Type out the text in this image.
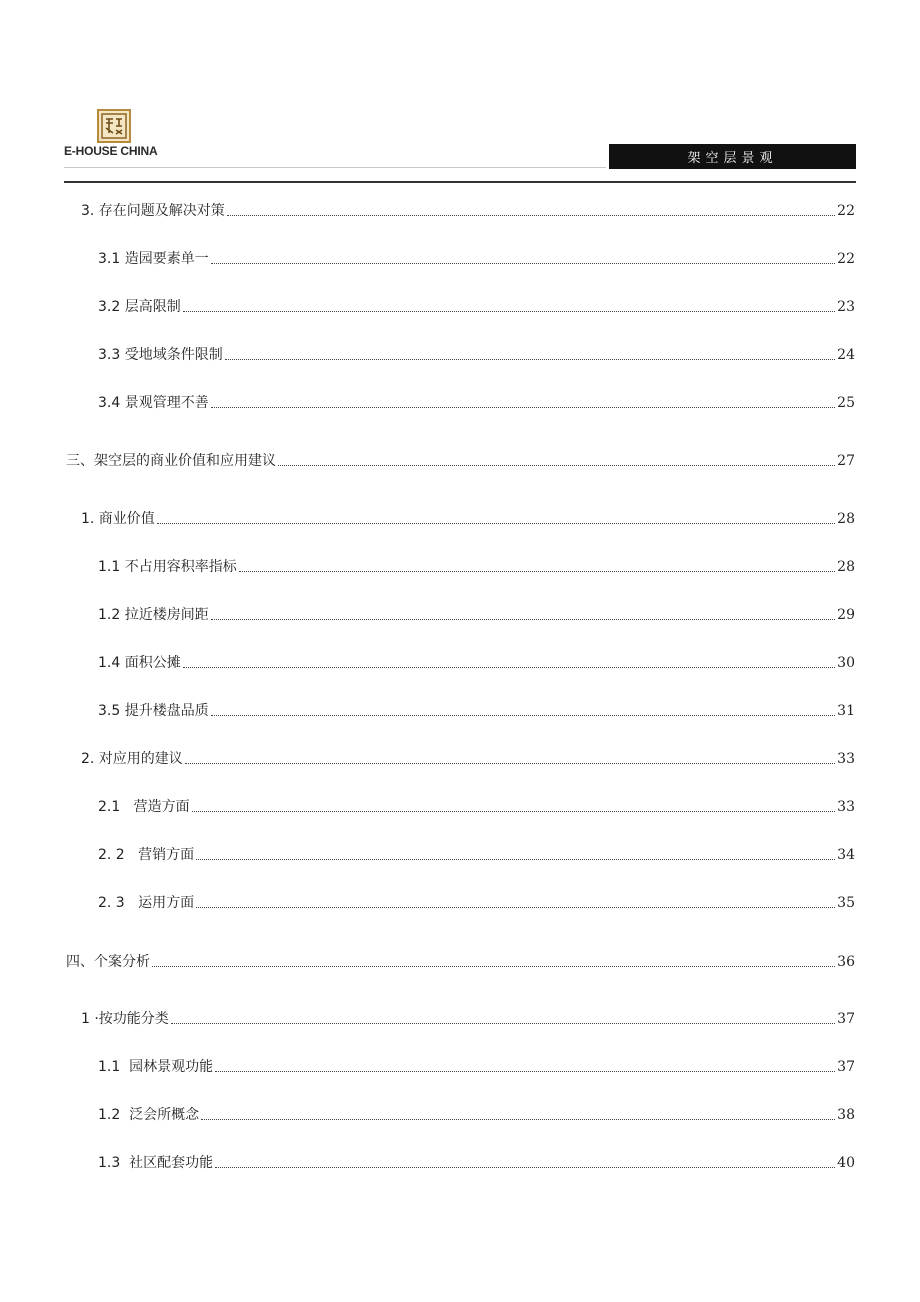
E-HOUSE CHINA	架空层景观
3. 存在问题及解决对策	22
3.1 造园要素单一	22
3.2 层高限制	23
3.3 受地域条件限制	24
3.4 景观管理不善	25
三、架空层的商业价值和应用建议	27
1. 商业价值	28
1.1 不占用容积率指标	28
1.2 拉近楼房间距	29
1.4 面积公摊	30
3.5 提升楼盘品质	31
2. 对应用的建议	33
2.1   营造方面	33
2. 2   营销方面	34
2. 3   运用方面	35
四、个案分析	36
1 ·按功能分类	37
1.1  园林景观功能	37
1.2  泛会所概念	38
1.3  社区配套功能	40
